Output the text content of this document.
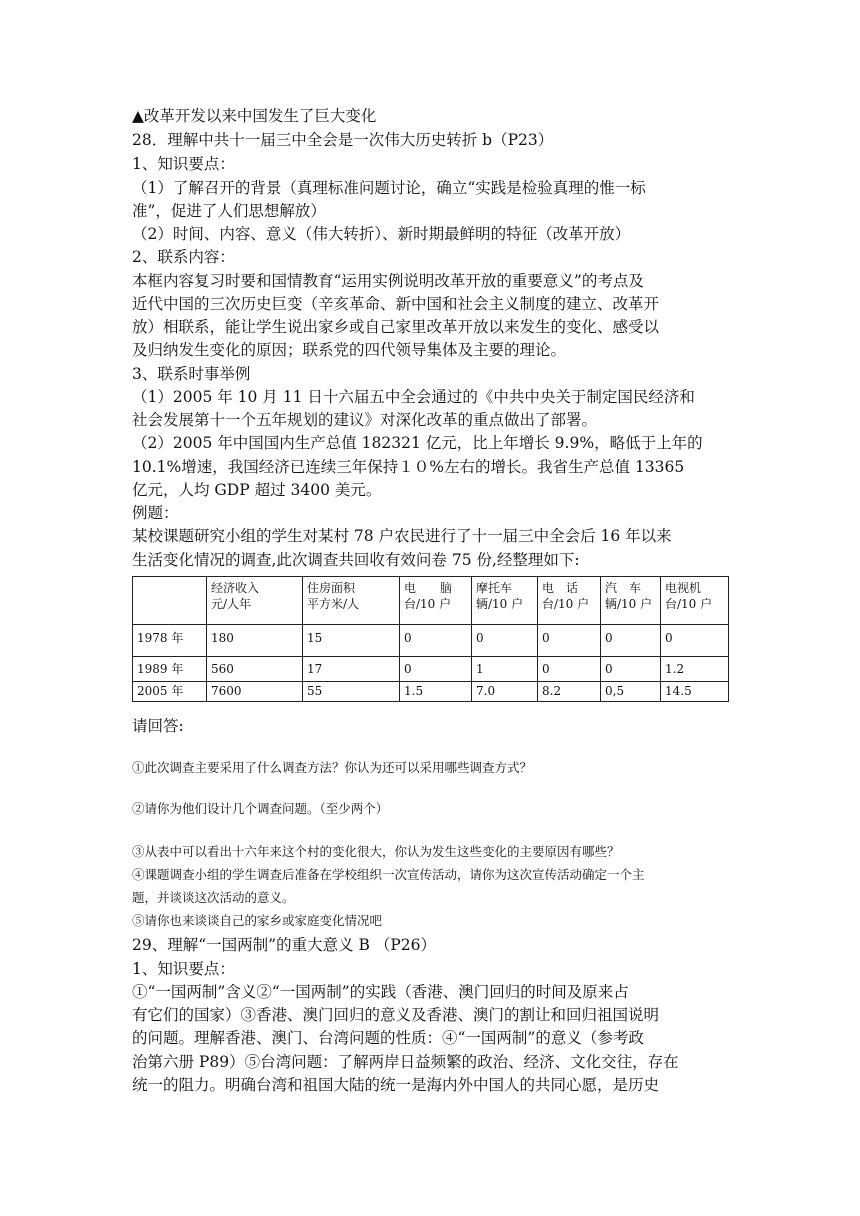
▲改革开发以来中国发生了巨大变化
28．理解中共十一届三中全会是一次伟大历史转折 b（P23）
1、知识要点：
（1）了解召开的背景（真理标准问题讨论，确立“实践是检验真理的惟一标
准”，促进了人们思想解放）
（2）时间、内容、意义（伟大转折）、新时期最鲜明的特征（改革开放）
2、联系内容：
本框内容复习时要和国情教育“运用实例说明改革开放的重要意义”的考点及
近代中国的三次历史巨变（辛亥革命、新中国和社会主义制度的建立、改革开
放）相联系，能让学生说出家乡或自己家里改革开放以来发生的变化、感受以
及归纳发生变化的原因；联系党的四代领导集体及主要的理论。
3、联系时事举例
（1）2005 年 10 月 11 日十六届五中全会通过的《中共中央关于制定国民经济和
社会发展第十一个五年规划的建议》对深化改革的重点做出了部署。
（2）2005 年中国国内生产总值 182321 亿元，比上年增长 9.9%，略低于上年的
10.1%增速，我国经济已连续三年保持１０%左右的增长。我省生产总值 13365
亿元，人均 GDP 超过 3400 美元。
例题：
某校课题研究小组的学生对某村 78 户农民进行了十一届三中全会后 16 年以来
生活变化情况的调查,此次调查共回收有效问卷 75 份,经整理如下:

	经济收入
元/人年	住房面积
平方米/人	电　　脑
台/10 户	摩托车
辆/10 户	电　话
台/10 户	汽　车
辆/10 户	电视机
台/10 户

1978 年	180	15	0	0	0	0	0
1989 年	560	17	0	1	0	0	1.2
2005 年	7600	55	1.5	7.0	8.2	0,5	14.5
请回答:
①此次调查主要采用了什么调查方法？你认为还可以采用哪些调查方式？
②请你为他们设计几个调查问题。（至少两个）
③从表中可以看出十六年来这个村的变化很大，你认为发生这些变化的主要原因有哪些？
④课题调查小组的学生调查后准备在学校组织一次宣传活动，请你为这次宣传活动确定一个主
题，并谈谈这次活动的意义。
⑤请你也来谈谈自己的家乡或家庭变化情况吧
29、理解“一国两制”的重大意义 B （P26）
1、知识要点：
①“一国两制”含义②“一国两制”的实践（香港、澳门回归的时间及原来占
有它们的国家）③香港、澳门回归的意义及香港、澳门的割让和回归祖国说明
的问题。理解香港、澳门、台湾问题的性质：④“一国两制”的意义（参考政
治第六册 P89）⑤台湾问题：了解两岸日益频繁的政治、经济、文化交往，存在
统一的阻力。明确台湾和祖国大陆的统一是海内外中国人的共同心愿，是历史
